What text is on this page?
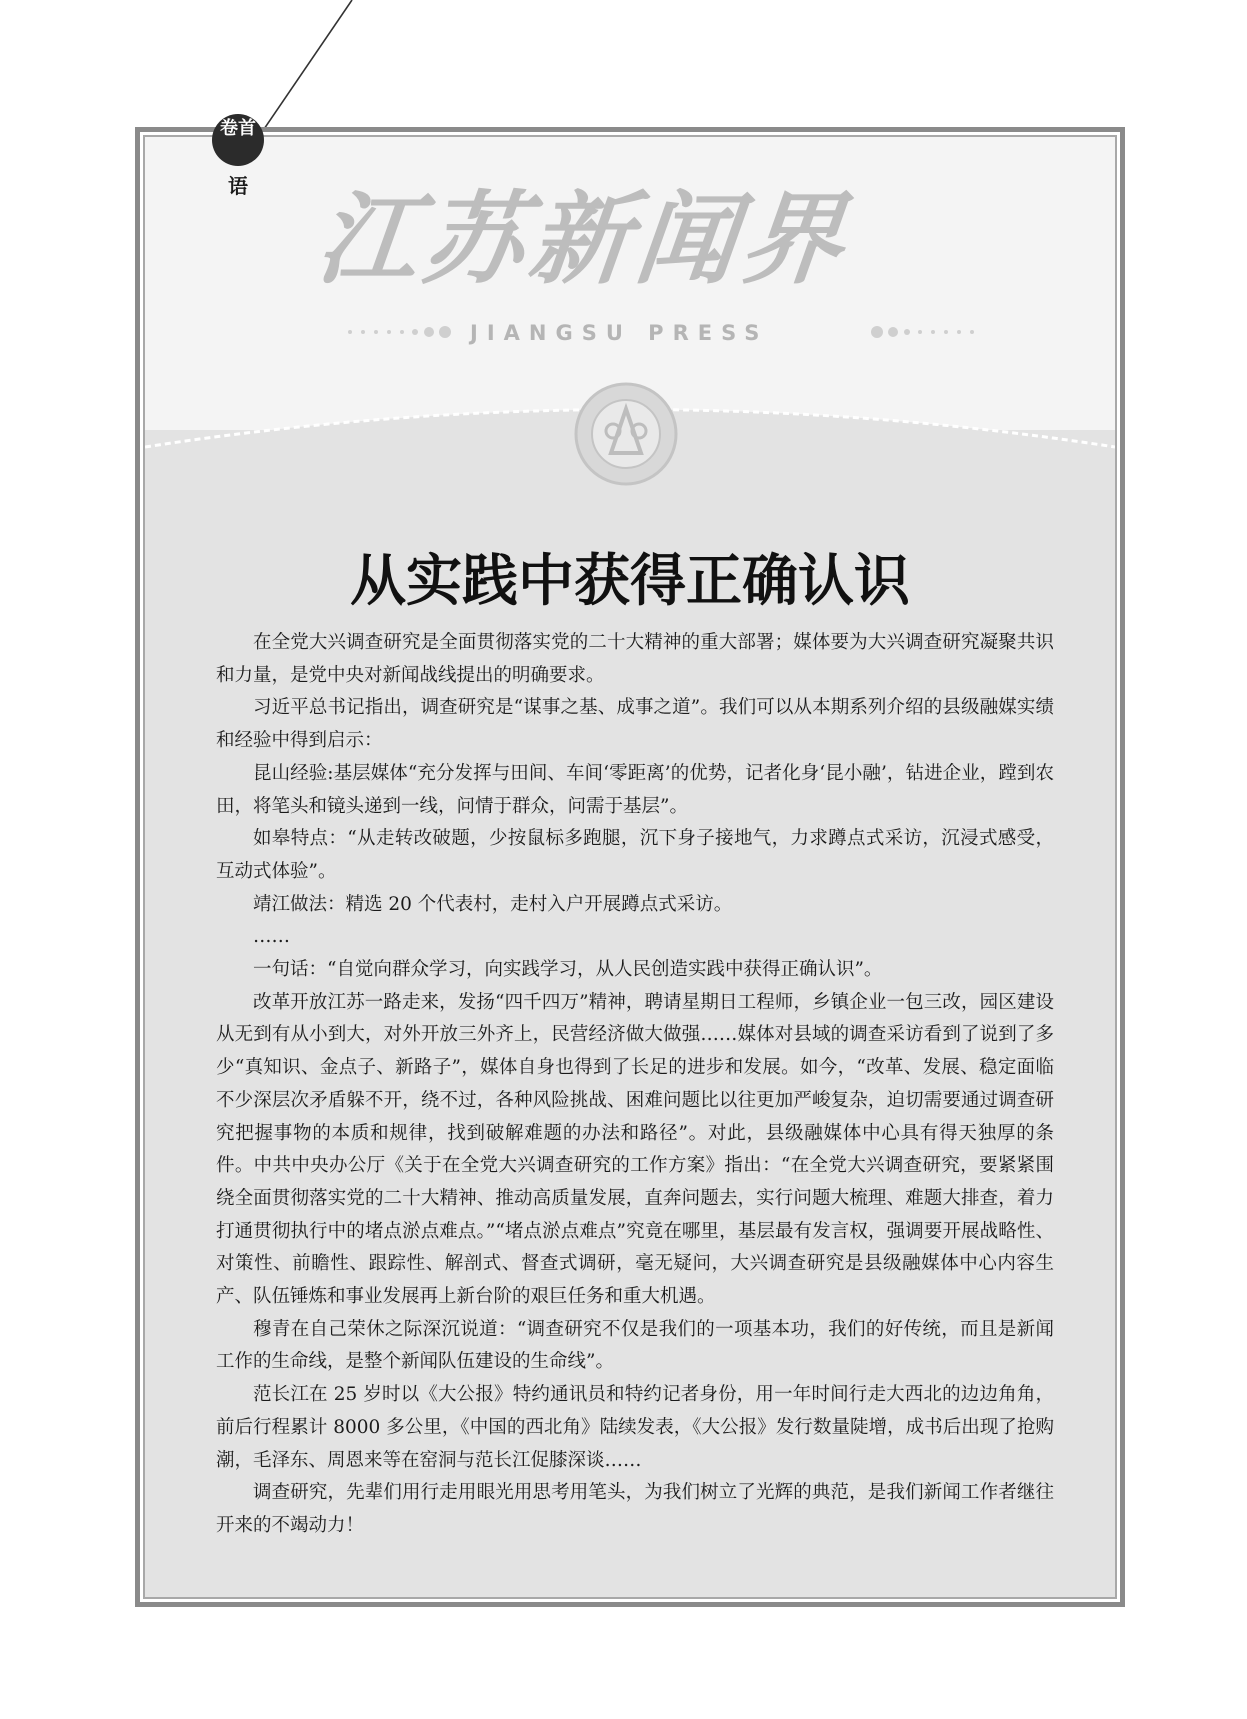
卷首
语 江苏新闻界
JIANGSU PRESS
从实践中获得正确认识

在全党大兴调查研究是全面贯彻落实党的二十大精神的重大部署；媒体要为大兴调查研究凝聚共识和力量，是党中央对新闻战线提出的明确要求。

习近平总书记指出，调查研究是“谋事之基、成事之道”。我们可以从本期系列介绍的县级融媒实绩和经验中得到启示：

昆山经验:基层媒体“充分发挥与田间、车间‘零距离’的优势，记者化身‘昆小融’，钻进企业，蹚到农田，将笔头和镜头递到一线，问情于群众，问需于基层”。

如皋特点：“从走转改破题，少按鼠标多跑腿，沉下身子接地气，力求蹲点式采访，沉浸式感受，互动式体验”。

靖江做法：精选 20 个代表村，走村入户开展蹲点式采访。

……

一句话：“自觉向群众学习，向实践学习，从人民创造实践中获得正确认识”。

改革开放江苏一路走来，发扬“四千四万”精神，聘请星期日工程师，乡镇企业一包三改，园区建设从无到有从小到大，对外开放三外齐上，民营经济做大做强……媒体对县域的调查采访看到了说到了多少“真知识、金点子、新路子”，媒体自身也得到了长足的进步和发展。如今，“改革、发展、稳定面临不少深层次矛盾躲不开，绕不过，各种风险挑战、困难问题比以往更加严峻复杂，迫切需要通过调查研究把握事物的本质和规律，找到破解难题的办法和路径”。对此，县级融媒体中心具有得天独厚的条件。中共中央办公厅《关于在全党大兴调查研究的工作方案》指出：“在全党大兴调查研究，要紧紧围绕全面贯彻落实党的二十大精神、推动高质量发展，直奔问题去，实行问题大梳理、难题大排查，着力打通贯彻执行中的堵点淤点难点。”“堵点淤点难点”究竟在哪里，基层最有发言权，强调要开展战略性、对策性、前瞻性、跟踪性、解剖式、督查式调研，毫无疑问，大兴调查研究是县级融媒体中心内容生产、队伍锤炼和事业发展再上新台阶的艰巨任务和重大机遇。

穆青在自己荣休之际深沉说道：“调查研究不仅是我们的一项基本功，我们的好传统，而且是新闻工作的生命线，是整个新闻队伍建设的生命线”。

范长江在 25 岁时以《大公报》特约通讯员和特约记者身份，用一年时间行走大西北的边边角角，前后行程累计 8000 多公里，《中国的西北角》陆续发表，《大公报》发行数量陡增，成书后出现了抢购潮，毛泽东、周恩来等在窑洞与范长江促膝深谈……

调查研究，先辈们用行走用眼光用思考用笔头，为我们树立了光辉的典范，是我们新闻工作者继往开来的不竭动力！
